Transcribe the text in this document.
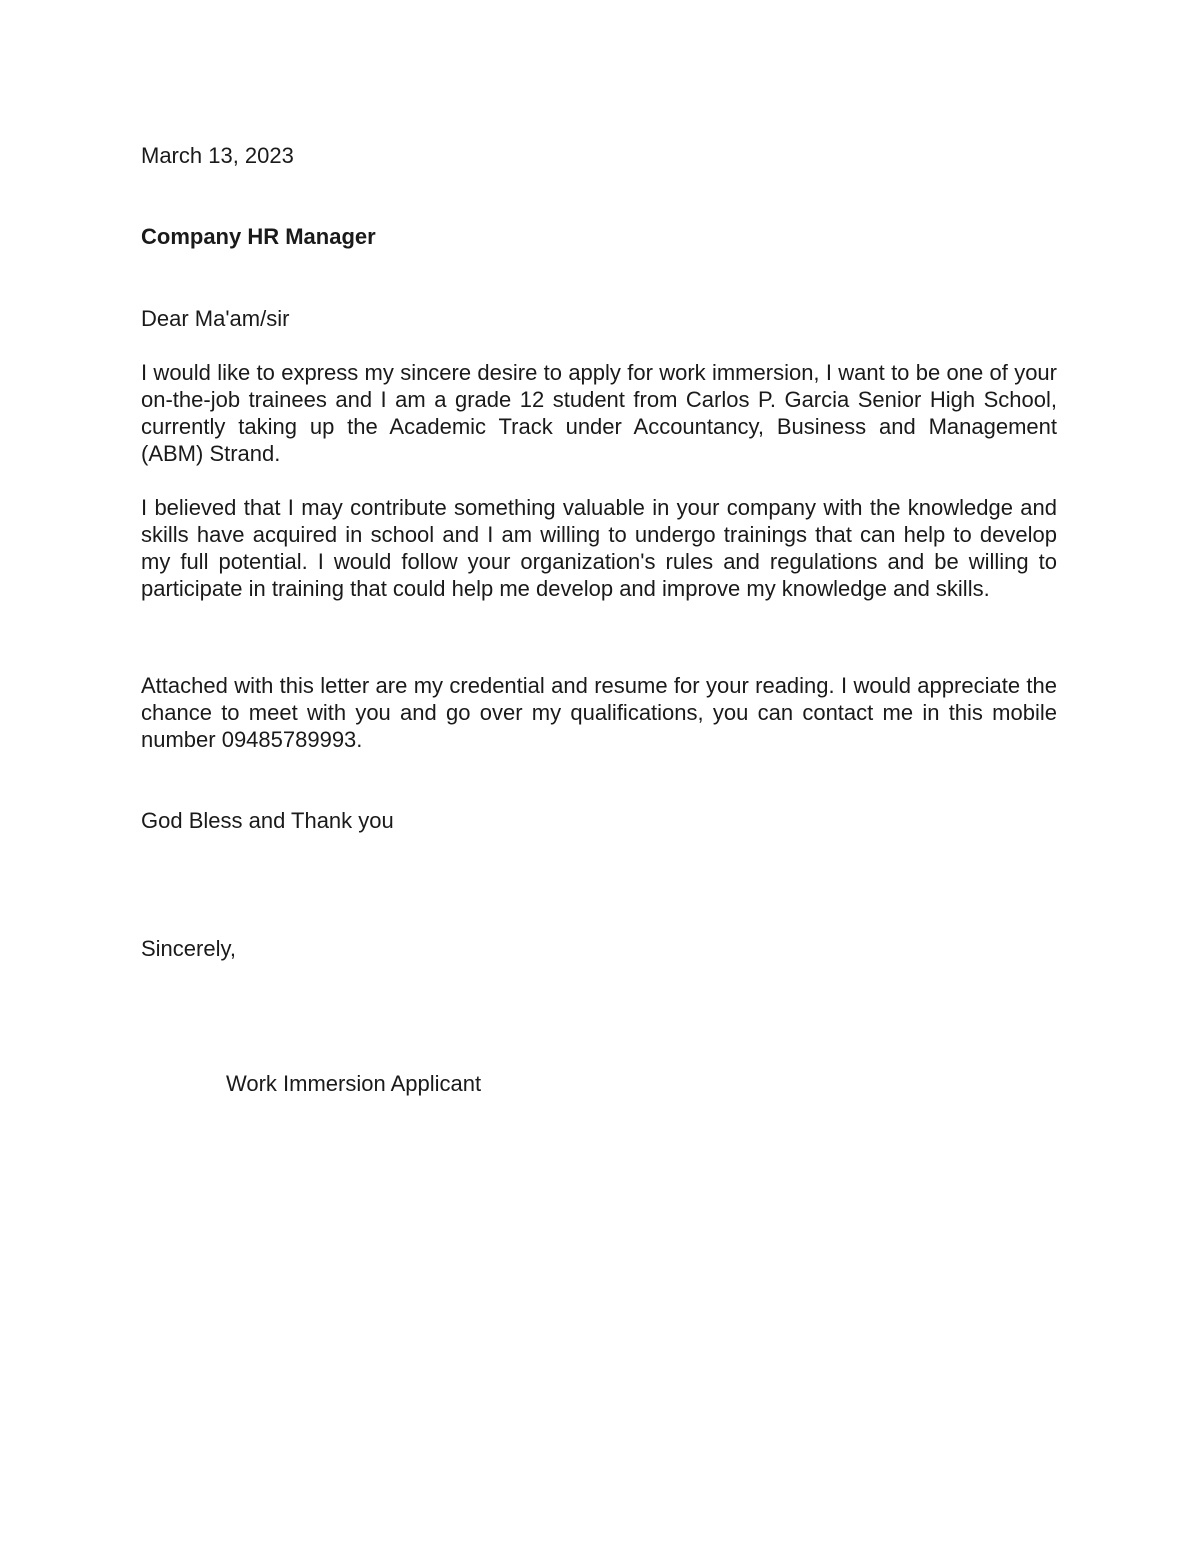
March 13, 2023

Company HR Manager

Dear Ma'am/sir

I would like to express my sincere desire to apply for work immersion, I want to be one of your on-the-job trainees and I am a grade 12 student from Carlos P. Garcia Senior High School, currently taking up the Academic Track under Accountancy, Business and Management (ABM) Strand.

I believed that I may contribute something valuable in your company with the knowledge and skills have acquired in school and I am willing to undergo trainings that can help to develop my full potential. I would follow your organization's rules and regulations and be willing to participate in training that could help me develop and improve my knowledge and skills.

Attached with this letter are my credential and resume for your reading. I would appreciate the chance to meet with you and go over my qualifications, you can contact me in this mobile number 09485789993.

God Bless and Thank you

Sincerely,

Work Immersion Applicant
